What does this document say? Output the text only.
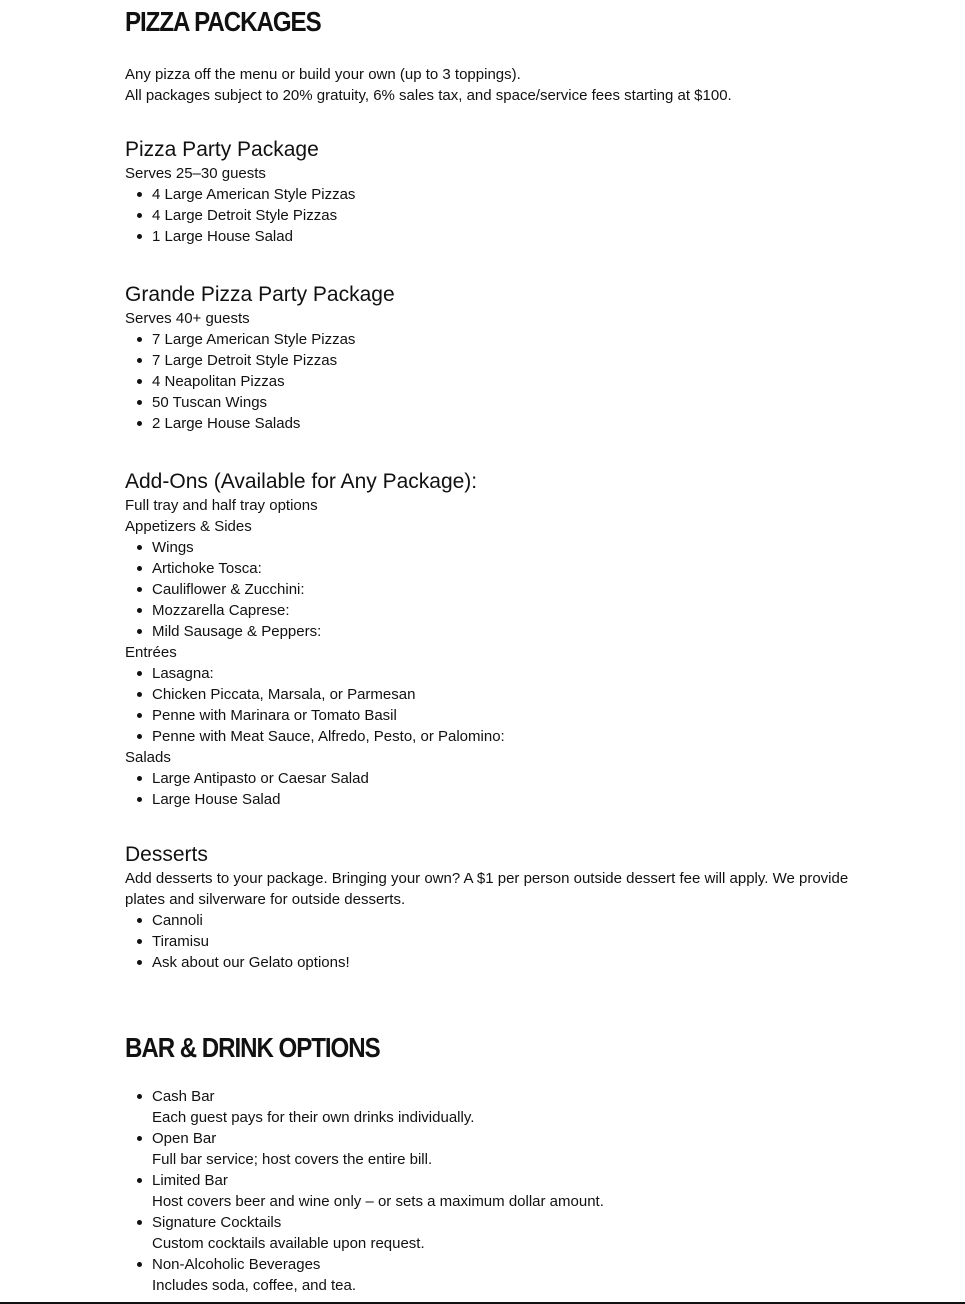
PIZZA PACKAGES

Any pizza off the menu or build your own (up to 3 toppings).

All packages subject to 20% gratuity, 6% sales tax, and space/service fees starting at $100.

Pizza Party Package

Serves 25–30 guests

4 Large American Style Pizzas
4 Large Detroit Style Pizzas
1 Large House Salad
Grande Pizza Party Package

Serves 40+ guests

7 Large American Style Pizzas
7 Large Detroit Style Pizzas
4 Neapolitan Pizzas
50 Tuscan Wings
2 Large House Salads
Add-Ons (Available for Any Package):

Full tray and half tray options

Appetizers & Sides

Wings
Artichoke Tosca:
Cauliflower & Zucchini:
Mozzarella Caprese:
Mild Sausage & Peppers:

Entrées

Lasagna:
Chicken Piccata, Marsala, or Parmesan
Penne with Marinara or Tomato Basil
Penne with Meat Sauce, Alfredo, Pesto, or Palomino:

Salads

Large Antipasto or Caesar Salad
Large House Salad
Desserts

Add desserts to your package. Bringing your own? A $1 per person outside dessert fee will apply. We provide

plates and silverware for outside desserts.

Cannoli
Tiramisu
Ask about our Gelato options!
BAR & DRINK OPTIONS
Cash Bar
Each guest pays for their own drinks individually.
Open Bar
Full bar service; host covers the entire bill.
Limited Bar
Host covers beer and wine only – or sets a maximum dollar amount.
Signature Cocktails
Custom cocktails available upon request.
Non-Alcoholic Beverages
Includes soda, coffee, and tea.
